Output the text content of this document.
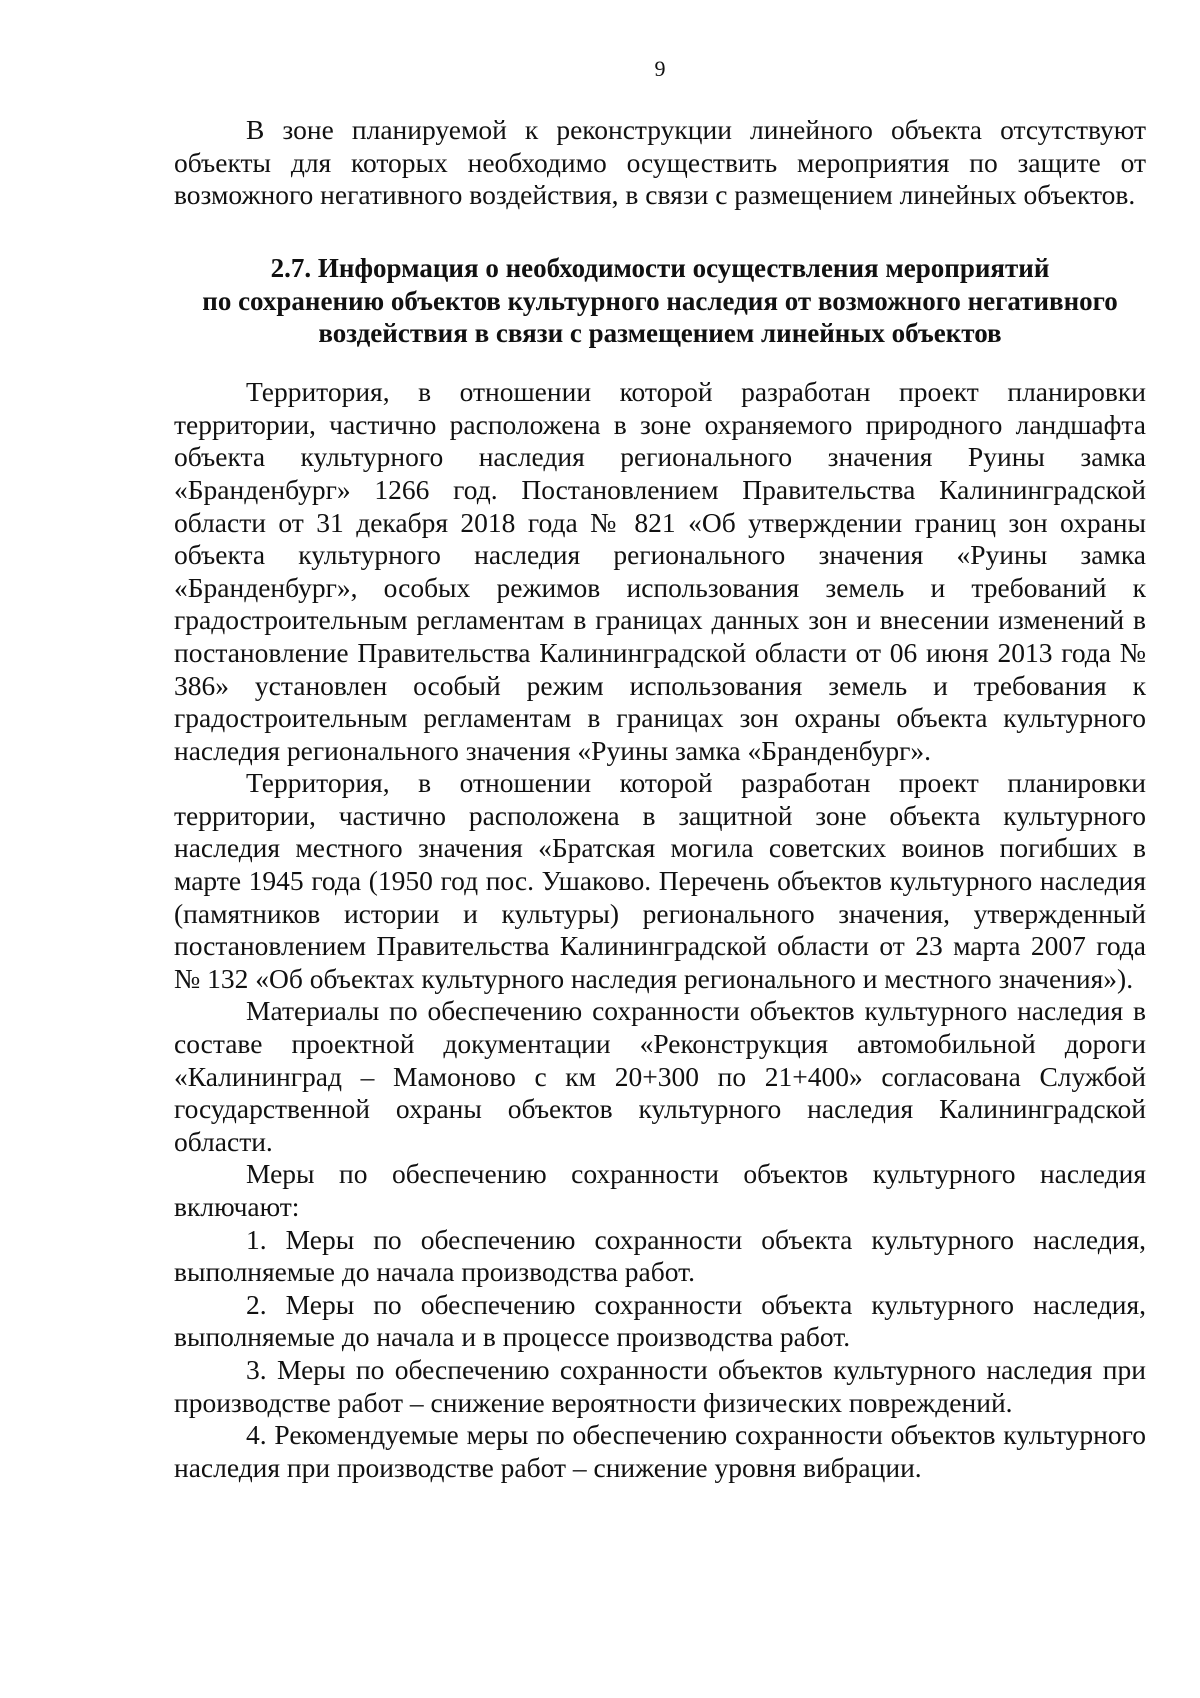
9

В зоне планируемой к реконструкции линейного объекта отсутствуют объекты для которых необходимо осуществить мероприятия по защите от возможного негативного воздействия, в связи с размещением линейных объектов.

2.7. Информация о необходимости осуществления мероприятий
по сохранению объектов культурного наследия от возможного негативного
воздействия в связи с размещением линейных объектов

Территория, в отношении которой разработан проект планировки территории, частично расположена в зоне охраняемого природного ландшафта объекта культурного наследия регионального значения Руины замка «Бранденбург» 1266 год. Постановлением Правительства Калининградской области от 31 декабря 2018 года № 821 «Об утверждении границ зон охраны объекта культурного наследия регионального значения «Руины замка «Бранденбург», особых режимов использования земель и требований к градостроительным регламентам в границах данных зон и внесении изменений в постановление Правительства Калининградской области от 06 июня 2013 года № 386» установлен особый режим использования земель и требования к градостроительным регламентам в границах зон охраны объекта культурного наследия регионального значения «Руины замка «Бранденбург».

Территория, в отношении которой разработан проект планировки территории, частично расположена в защитной зоне объекта культурного наследия местного значения «Братская могила советских воинов погибших в марте 1945 года (1950 год пос. Ушаково. Перечень объектов культурного наследия (памятников истории и культуры) регионального значения, утвержденный постановлением Правительства Калининградской области от 23 марта 2007 года № 132 «Об объектах культурного наследия регионального и местного значения»).

Материалы по обеспечению сохранности объектов культурного наследия в составе проектной документации «Реконструкция автомобильной дороги «Калининград – Мамоново с км 20+300 по 21+400» согласована Службой государственной охраны объектов культурного наследия Калининградской области.

Меры по обеспечению сохранности объектов культурного наследия включают:

1. Меры по обеспечению сохранности объекта культурного наследия, выполняемые до начала производства работ.

2. Меры по обеспечению сохранности объекта культурного наследия, выполняемые до начала и в процессе производства работ.

3. Меры по обеспечению сохранности объектов культурного наследия при производстве работ – снижение вероятности физических повреждений.

4. Рекомендуемые меры по обеспечению сохранности объектов культурного наследия при производстве работ – снижение уровня вибрации.
